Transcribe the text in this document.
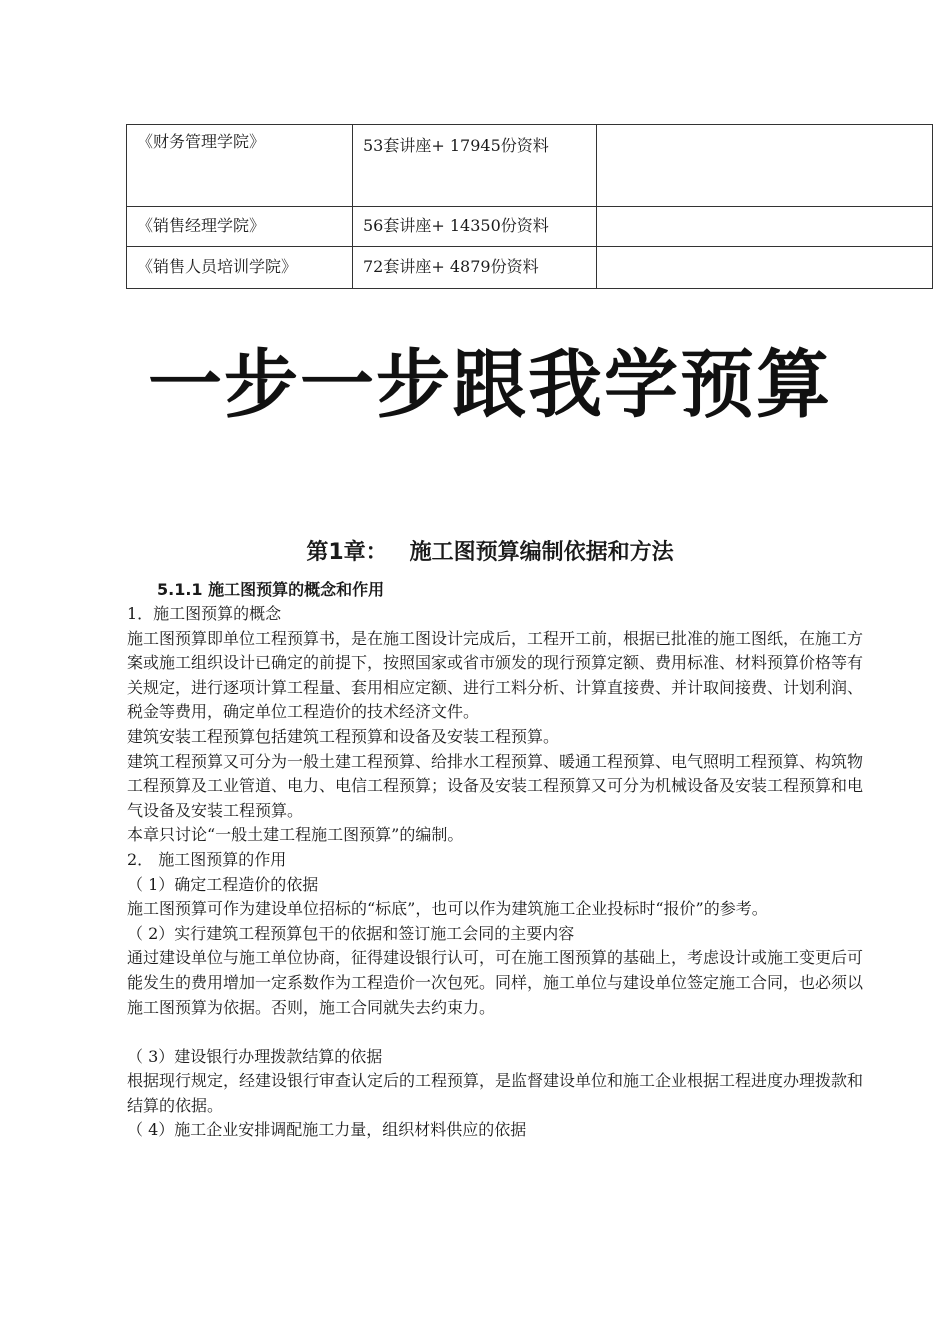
《财务管理学院》	53套讲座+ 17945份资料	
《销售经理学院》	56套讲座+ 14350份资料	
《销售人员培训学院》	72套讲座+ 4879份资料	
一步一步跟我学预算
第1章： 施工图预算编制依据和方法
5.1.1 施工图预算的概念和作用

1．施工图预算的概念

施工图预算即单位工程预算书，是在施工图设计完成后，工程开工前，根据已批准的施工图纸，在施工方案或施工组织设计已确定的前提下，按照国家或省市颁发的现行预算定额、费用标准、材料预算价格等有关规定，进行逐项计算工程量、套用相应定额、进行工料分析、计算直接费、并计取间接费、计划利润、税金等费用，确定单位工程造价的技术经济文件。

建筑安装工程预算包括建筑工程预算和设备及安装工程预算。

建筑工程预算又可分为一般土建工程预算、给排水工程预算、暖通工程预算、电气照明工程预算、构筑物工程预算及工业管道、电力、电信工程预算；设备及安装工程预算又可分为机械设备及安装工程预算和电气设备及安装工程预算。

本章只讨论“一般土建工程施工图预算”的编制。

2． 施工图预算的作用

（ 1）确定工程造价的依据

施工图预算可作为建设单位招标的“标底”，也可以作为建筑施工企业投标时“报价”的参考。

（ 2）实行建筑工程预算包干的依据和签订施工会同的主要内容

通过建设单位与施工单位协商，征得建设银行认可，可在施工图预算的基础上，考虑设计或施工变更后可能发生的费用增加一定系数作为工程造价一次包死。同样，施工单位与建设单位签定施工合同，也必须以施工图预算为依据。否则，施工合同就失去约束力。

（ 3）建设银行办理拨款结算的依据

根据现行规定，经建设银行审查认定后的工程预算，是监督建设单位和施工企业根据工程进度办理拨款和结算的依据。

（ 4）施工企业安排调配施工力量，组织材料供应的依据
